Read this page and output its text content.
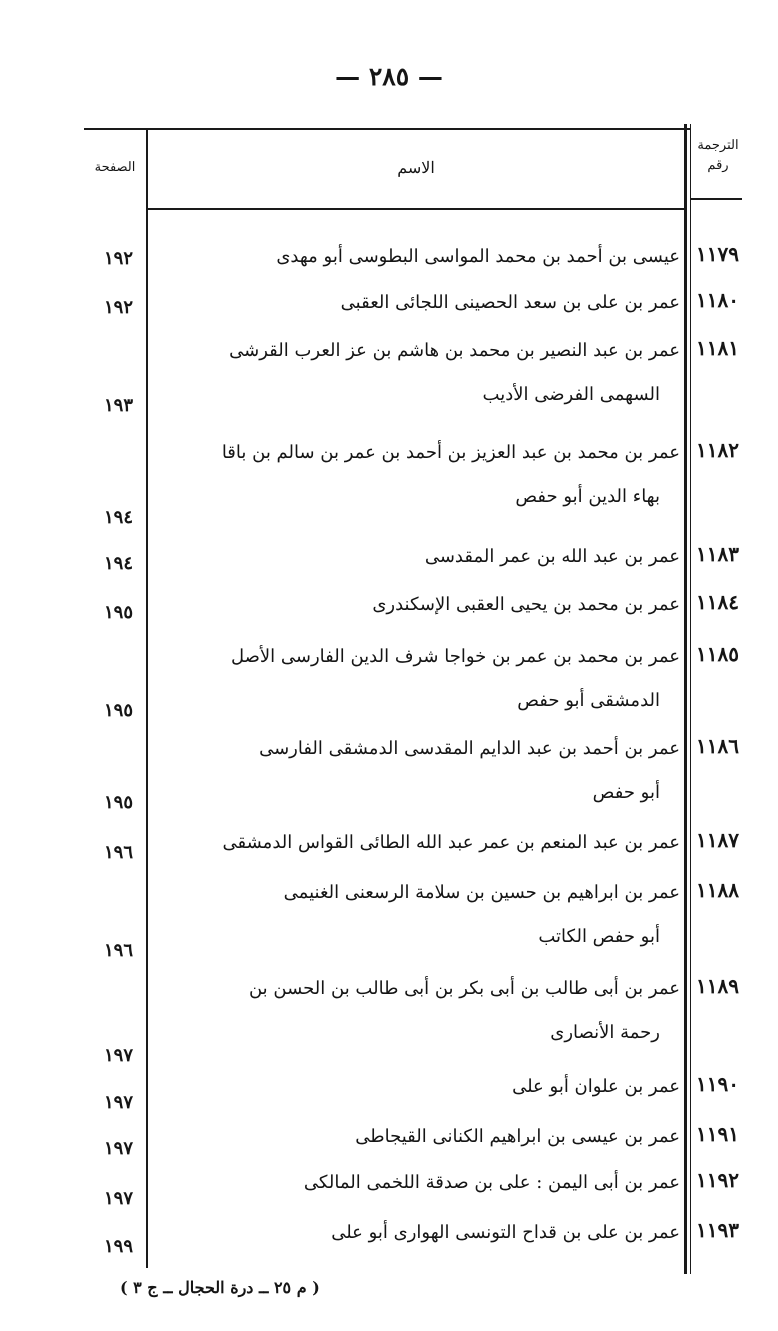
— ٢٨٥ —
الترجمة
رقم
الاسم
الصفحة
١١٧٩
عيسى بن أحمد بن محمد المواسى البطوسى أبو مهدى
١٩٢
١١٨٠
عمر بن على بن سعد الحصينى اللجائى العقبى
١٩٢
١١٨١
عمر بن عبد النصير بن محمد بن هاشم بن عز العرب القرشى
السهمى الفرضى الأديب
١٩٣
١١٨٢
عمر بن محمد بن عبد العزيز بن أحمد بن عمر بن سالم بن باقا
بهاء الدين أبو حفص
١٩٤
١١٨٣
عمر بن عبد الله بن عمر المقدسى
١٩٤
١١٨٤
عمر بن محمد بن يحيى العقبى الإسكندرى
١٩٥
١١٨٥
عمر بن محمد بن عمر بن خواجا شرف الدين الفارسى الأصل
الدمشقى أبو حفص
١٩٥
١١٨٦
عمر بن أحمد بن عبد الدايم المقدسى الدمشقى الفارسى
أبو حفص
١٩٥
١١٨٧
عمر بن عبد المنعم بن عمر عبد الله الطائى القواس الدمشقى
١٩٦
١١٨٨
عمر بن ابراهيم بن حسين بن سلامة الرسعنى الغنيمى
أبو حفص الكاتب
١٩٦
١١٨٩
عمر بن أبى طالب بن أبى بكر بن أبى طالب بن الحسن بن
رحمة الأنصارى
١٩٧
١١٩٠
عمر بن علوان أبو على
١٩٧
١١٩١
عمر بن عيسى بن ابراهيم الكنانى القيجاطى
١٩٧
١١٩٢
عمر بن أبى اليمن : على بن صدقة اللخمى المالكى
١٩٧
١١٩٣
عمر بن على بن قداح التونسى الهوارى أبو على
١٩٩
( م ٢٥ ــ درة الحجال ــ ج ٣ )
